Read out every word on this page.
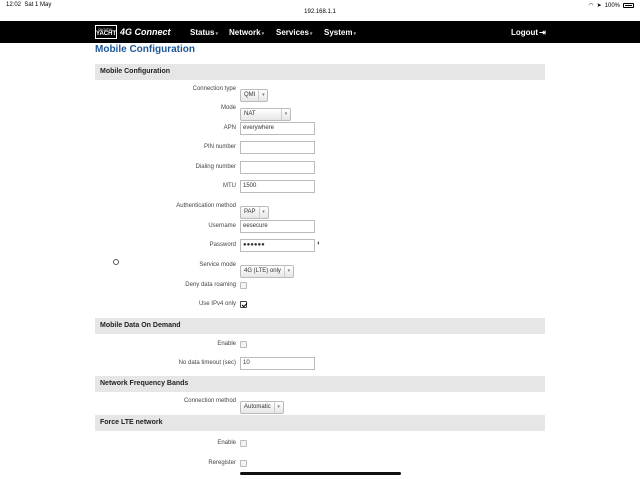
12:02 Sat 1 May
192.168.1.1
◠ ➤ 100%
DIGITAL
YACHT 4G Connect Status▾ Network▾ Services▾ System▾	Logout⇥
Mobile Configuration
Mobile Configuration
Connection type
QMI	▾
Mode
NAT	▾
APN	everywhere
PIN number
Dialing number
MTU	1500
Authentication method
PAP	▾
Username	eesecure
Password	●●●●●●	◐
Service mode
4G (LTE) only	▾
Deny data roaming
Use IPv4 only
Mobile Data On Demand
Enable
No data timeout (sec)	10
Network Frequency Bands
Connection method
Automatic	▾
Force LTE network
Enable
Reregister
